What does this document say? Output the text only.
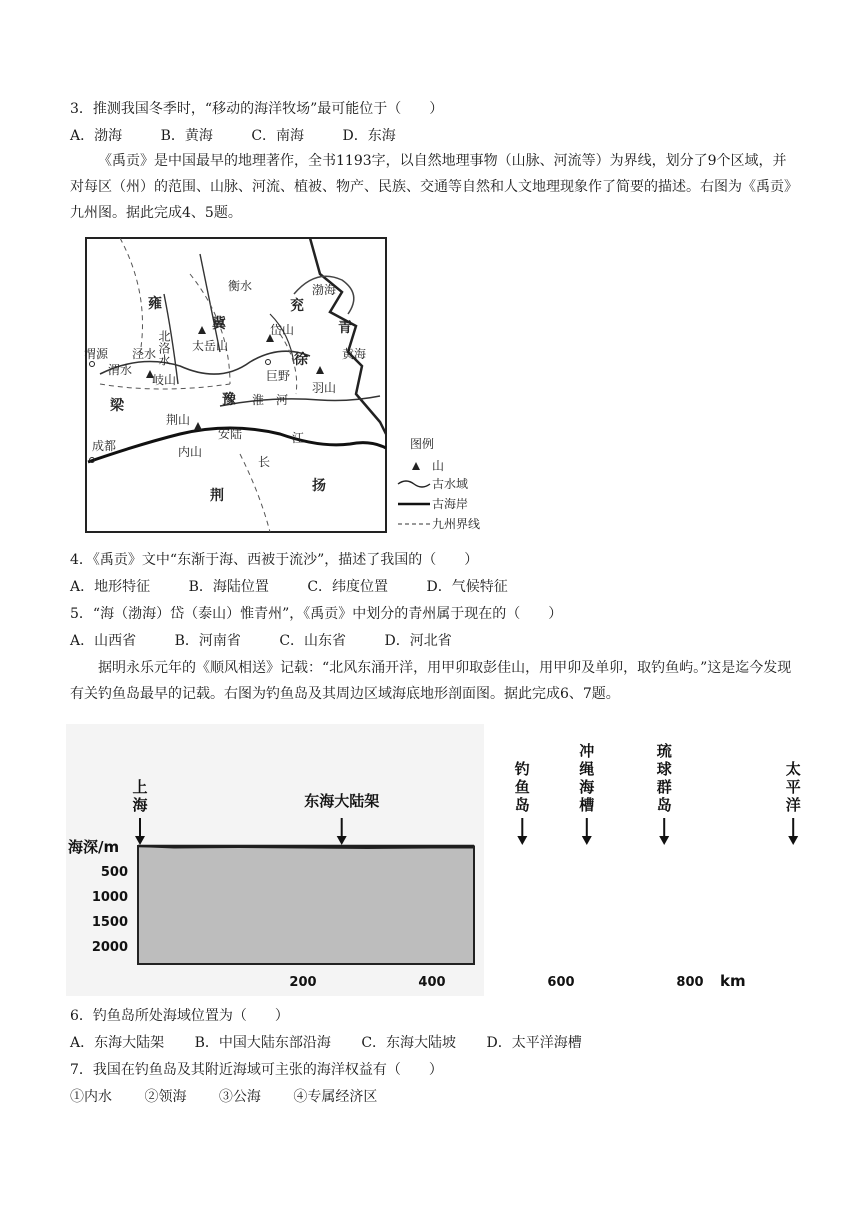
3．推测我国冬季时，“移动的海洋牧场”最可能位于（　　）
A．渤海	B．黄海	C．南海	D．东海
《禹贡》是中国最早的地理著作，全书1193字，以自然地理事物（山脉、河流等）为界线，划分了9个区域，并对每区（州）的范围、山脉、河流、植被、物产、民族、交通等自然和人文地理现象作了简要的描述。右图为《禹贡》九州图。据此完成4、5题。
雍
冀
兖
青
徐
豫
梁
荆
扬
北洛水 太岳山
衡水	渤海
岱山
黄海
渭源 泾水
渭水
岐山	巨野
羽山
淮　河
荆山
安陆
内山
成都
长
江	图例
山
古水域
古海岸
九州界线
4．《禹贡》文中“东渐于海、西被于流沙”，描述了我国的（　　）
A．地形特征	B．海陆位置	C．纬度位置	D．气候特征
5．“海（渤海）岱（泰山）惟青州”，《禹贡》中划分的青州属于现在的（　　）
A．山西省	B．河南省	C．山东省	D．河北省
据明永乐元年的《顺风相送》记载：“北风东涌开洋，用甲卯取彭佳山，用甲卯及单卯，取钓鱼屿。”这是迄今发现有关钓鱼岛最早的记载。右图为钓鱼岛及其周边区域海底地形剖面图。据此完成6、7题。
上海	东海大陆架
钓鱼岛
冲绳海槽
琉球群岛
太平洋
500
1000
1500
2000
200	400	600	800
海深/m
km
6．钓鱼岛所处海域位置为（　　）
A．东海大陆架 B．中国大陆东部沿海 C．东海大陆坡 D．太平洋海槽
7．我国在钓鱼岛及其附近海域可主张的海洋权益有（　　）
①内水 ②领海 ③公海 ④专属经济区
